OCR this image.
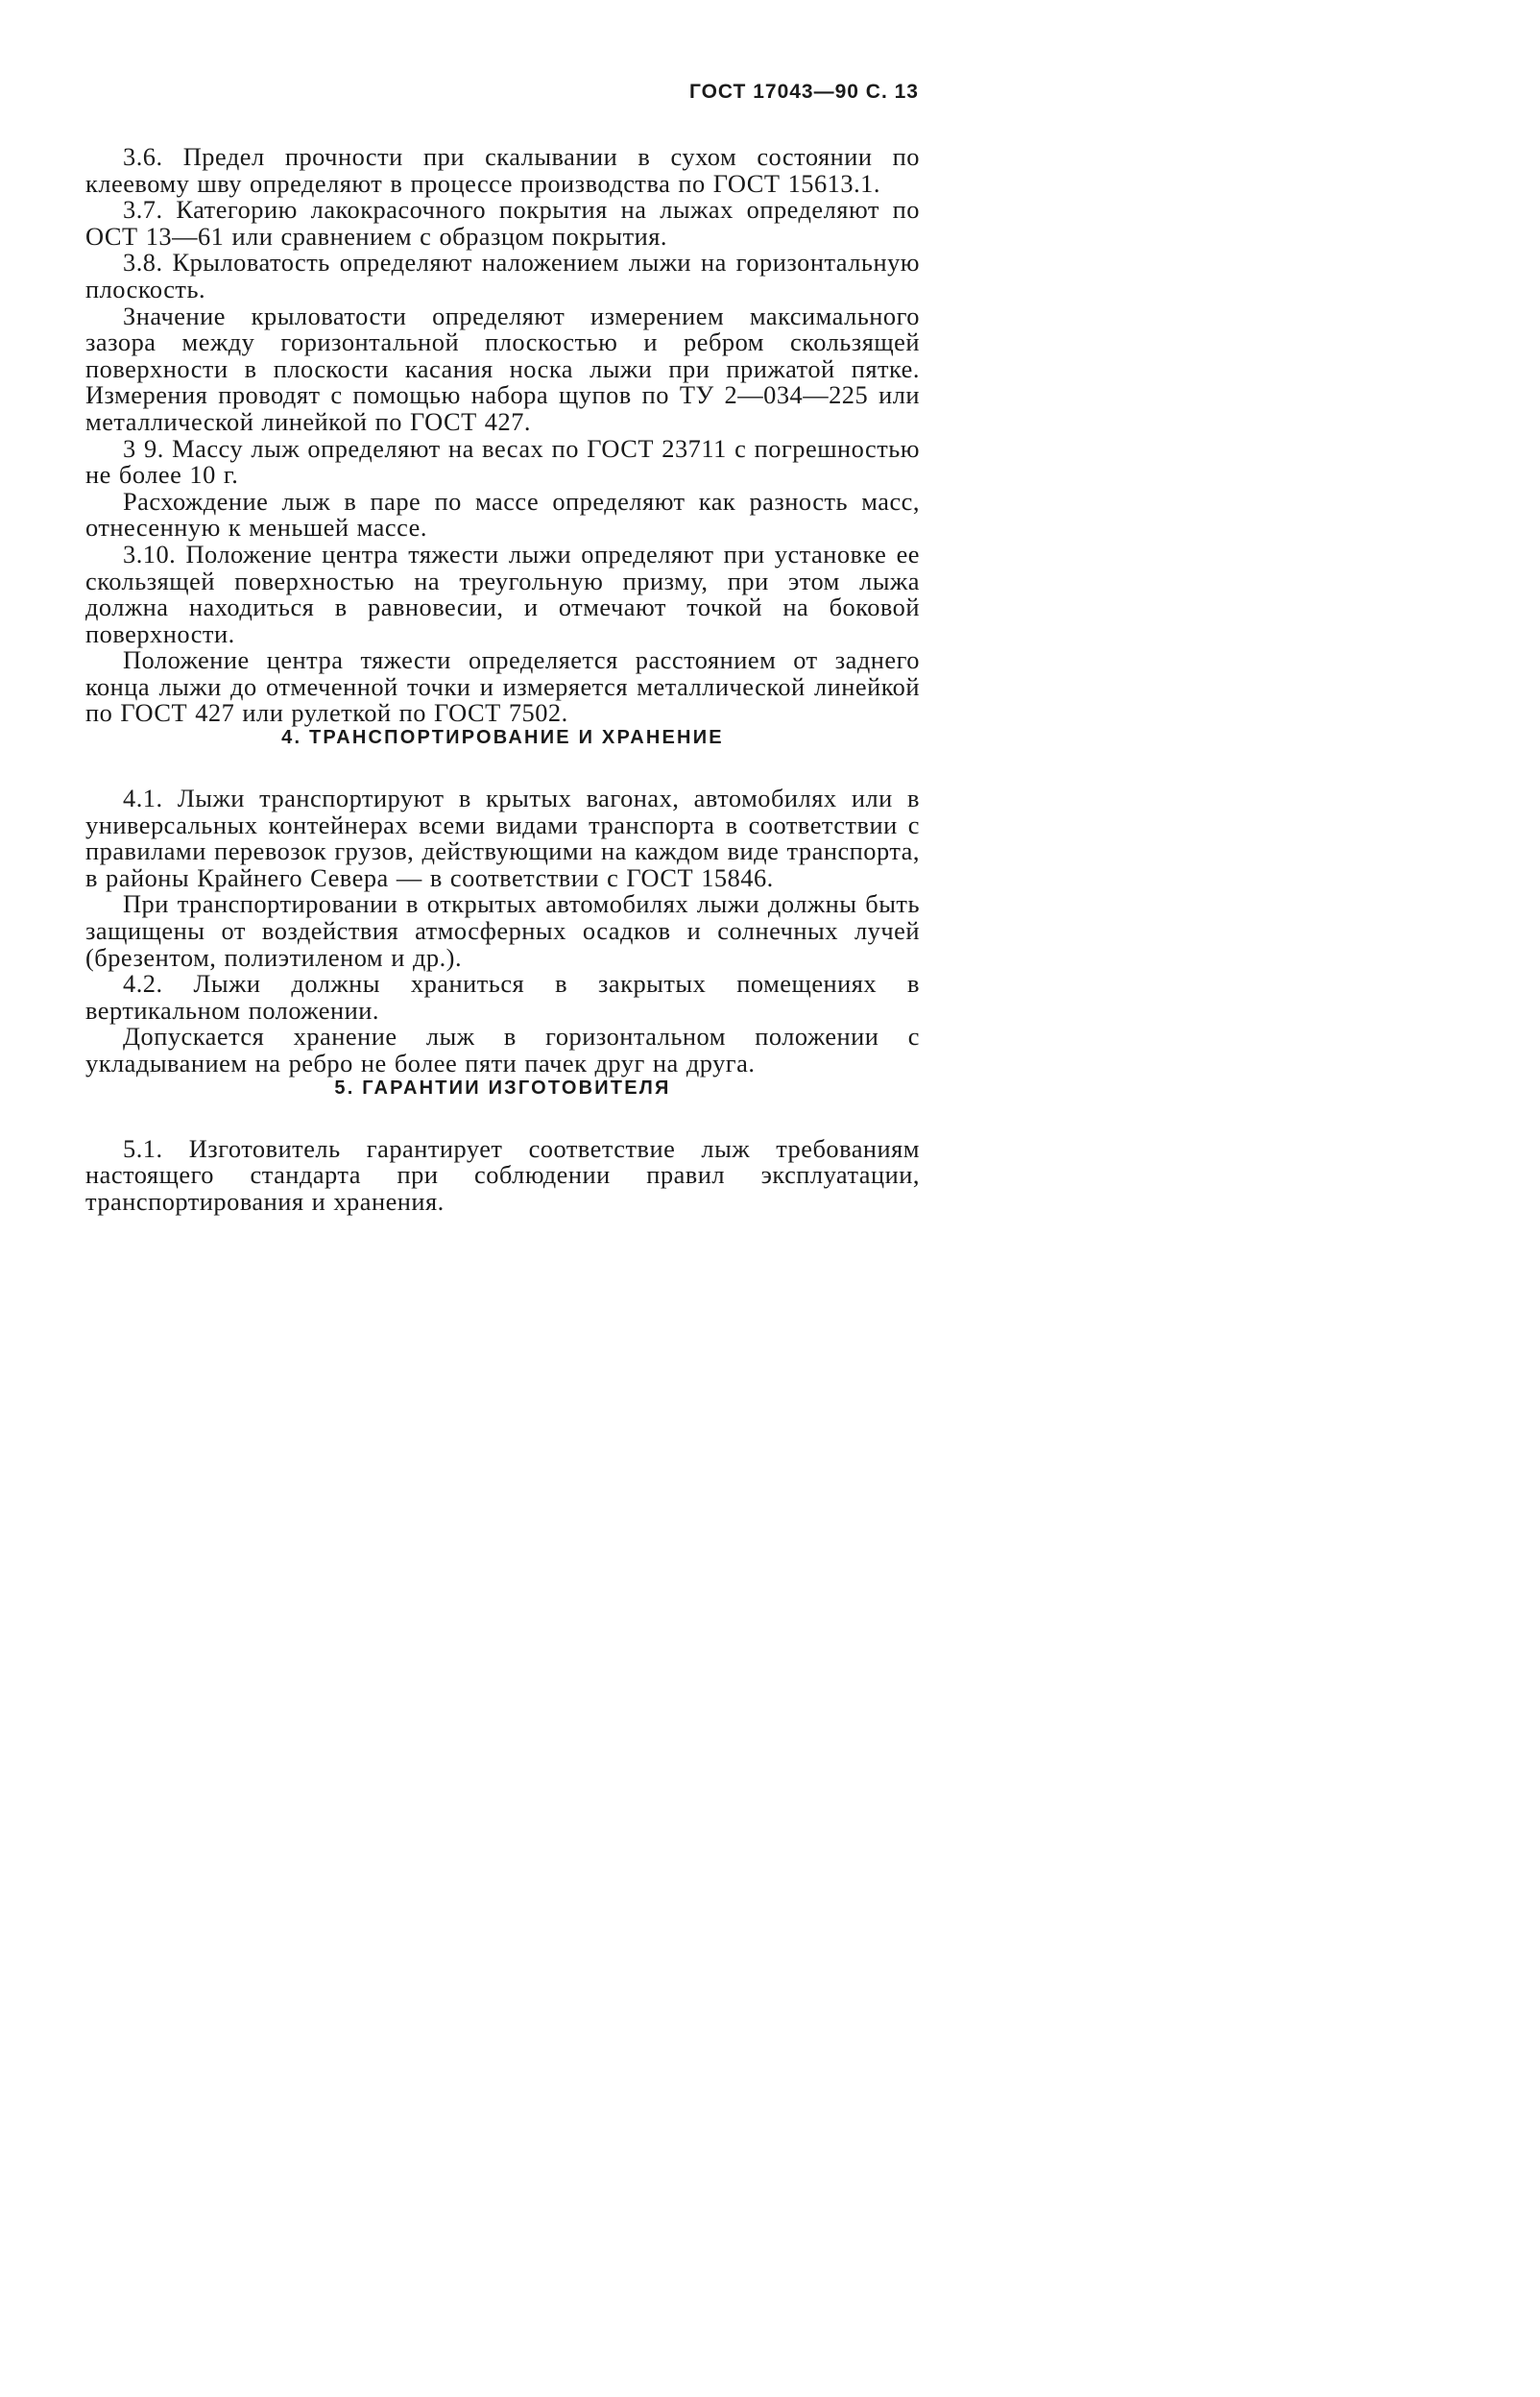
ГОСТ 17043—90 С. 13

3.6. Предел прочности при скалывании в сухом состоянии по клеевому шву определяют в процессе производства по ГОСТ 15613.1.

3.7. Категорию лакокрасочного покрытия на лыжах определяют по ОСТ 13—61 или сравнением с образцом покрытия.

3.8. Крыловатость определяют наложением лыжи на горизонтальную плоскость.

Значение крыловатости определяют измерением максимального зазора между горизонтальной плоскостью и ребром скользящей поверхности в плоскости касания носка лыжи при прижатой пятке. Измерения проводят с помощью набора щупов по ТУ 2—034—225 или металлической линейкой по ГОСТ 427.

3 9. Массу лыж определяют на весах по ГОСТ 23711 с погрешностью не более 10 г.

Расхождение лыж в паре по массе определяют как разность масс, отнесенную к меньшей массе.

3.10. Положение центра тяжести лыжи определяют при установке ее скользящей поверхностью на треугольную призму, при этом лыжа должна находиться в равновесии, и отмечают точкой на боковой поверхности.

Положение центра тяжести определяется расстоянием от заднего конца лыжи до отмеченной точки и измеряется металлической линейкой по ГОСТ 427 или рулеткой по ГОСТ 7502.

4. ТРАНСПОРТИРОВАНИЕ И ХРАНЕНИЕ

4.1. Лыжи транспортируют в крытых вагонах, автомобилях или в универсальных контейнерах всеми видами транспорта в соответствии с правилами перевозок грузов, действующими на каждом виде транспорта, в районы Крайнего Севера — в соответствии с ГОСТ 15846.

При транспортировании в открытых автомобилях лыжи должны быть защищены от воздействия атмосферных осадков и солнечных лучей (брезентом, полиэтиленом и др.).

4.2. Лыжи должны храниться в закрытых помещениях в вертикальном положении.

Допускается хранение лыж в горизонтальном положении с укладыванием на ребро не более пяти пачек друг на друга.

5. ГАРАНТИИ ИЗГОТОВИТЕЛЯ

5.1. Изготовитель гарантирует соответствие лыж требованиям настоящего стандарта при соблюдении правил эксплуатации, транспортирования и хранения.
